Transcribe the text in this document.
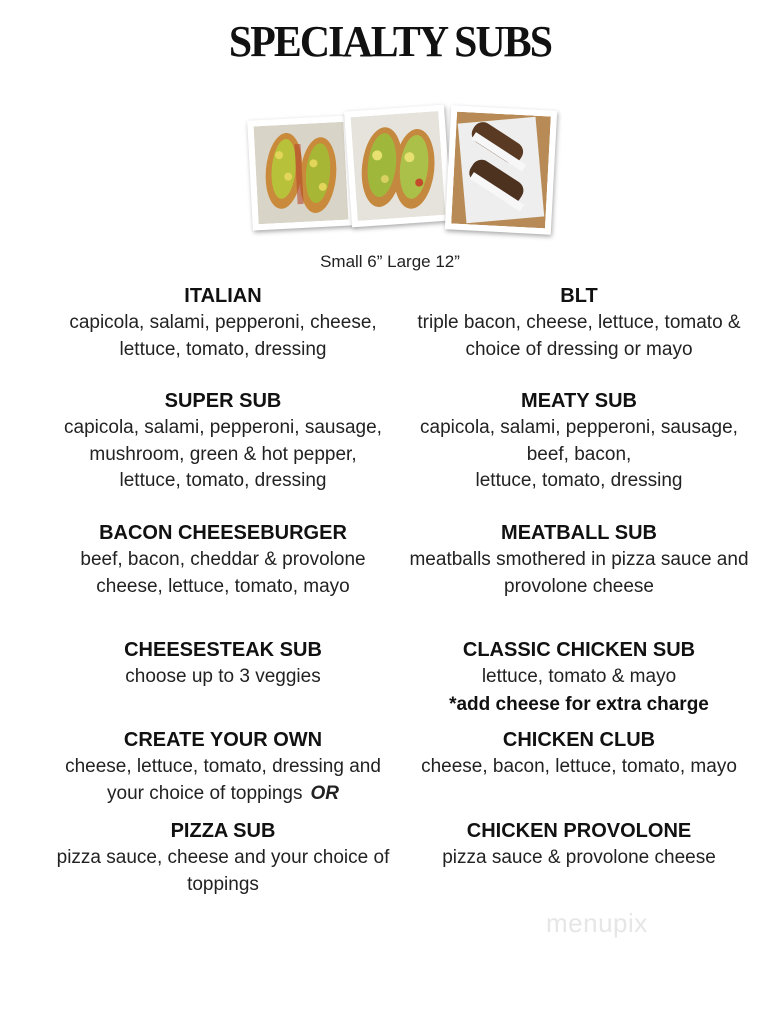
SPECIALTY SUBS
Small 6” Large 12”
ITALIAN
capicola, salami, pepperoni, cheese,
lettuce, tomato, dressing
SUPER SUB
capicola, salami, pepperoni, sausage,
mushroom, green & hot pepper,
lettuce, tomato, dressing
BACON CHEESEBURGER
beef, bacon, cheddar & provolone
cheese, lettuce, tomato, mayo
CHEESESTEAK SUB
choose up to 3 veggies
CREATE YOUR OWN
cheese, lettuce, tomato, dressing and
your choice of toppings OR
PIZZA SUB
pizza sauce, cheese and your choice of
toppings
BLT
triple bacon, cheese, lettuce, tomato &
choice of dressing or mayo
MEATY SUB
capicola, salami, pepperoni, sausage,
beef, bacon,
lettuce, tomato, dressing
MEATBALL SUB
meatballs smothered in pizza sauce and
provolone cheese
CLASSIC CHICKEN SUB
lettuce, tomato & mayo
*add cheese for extra charge
CHICKEN CLUB
cheese, bacon, lettuce, tomato, mayo
CHICKEN PROVOLONE
pizza sauce & provolone cheese
menupix
